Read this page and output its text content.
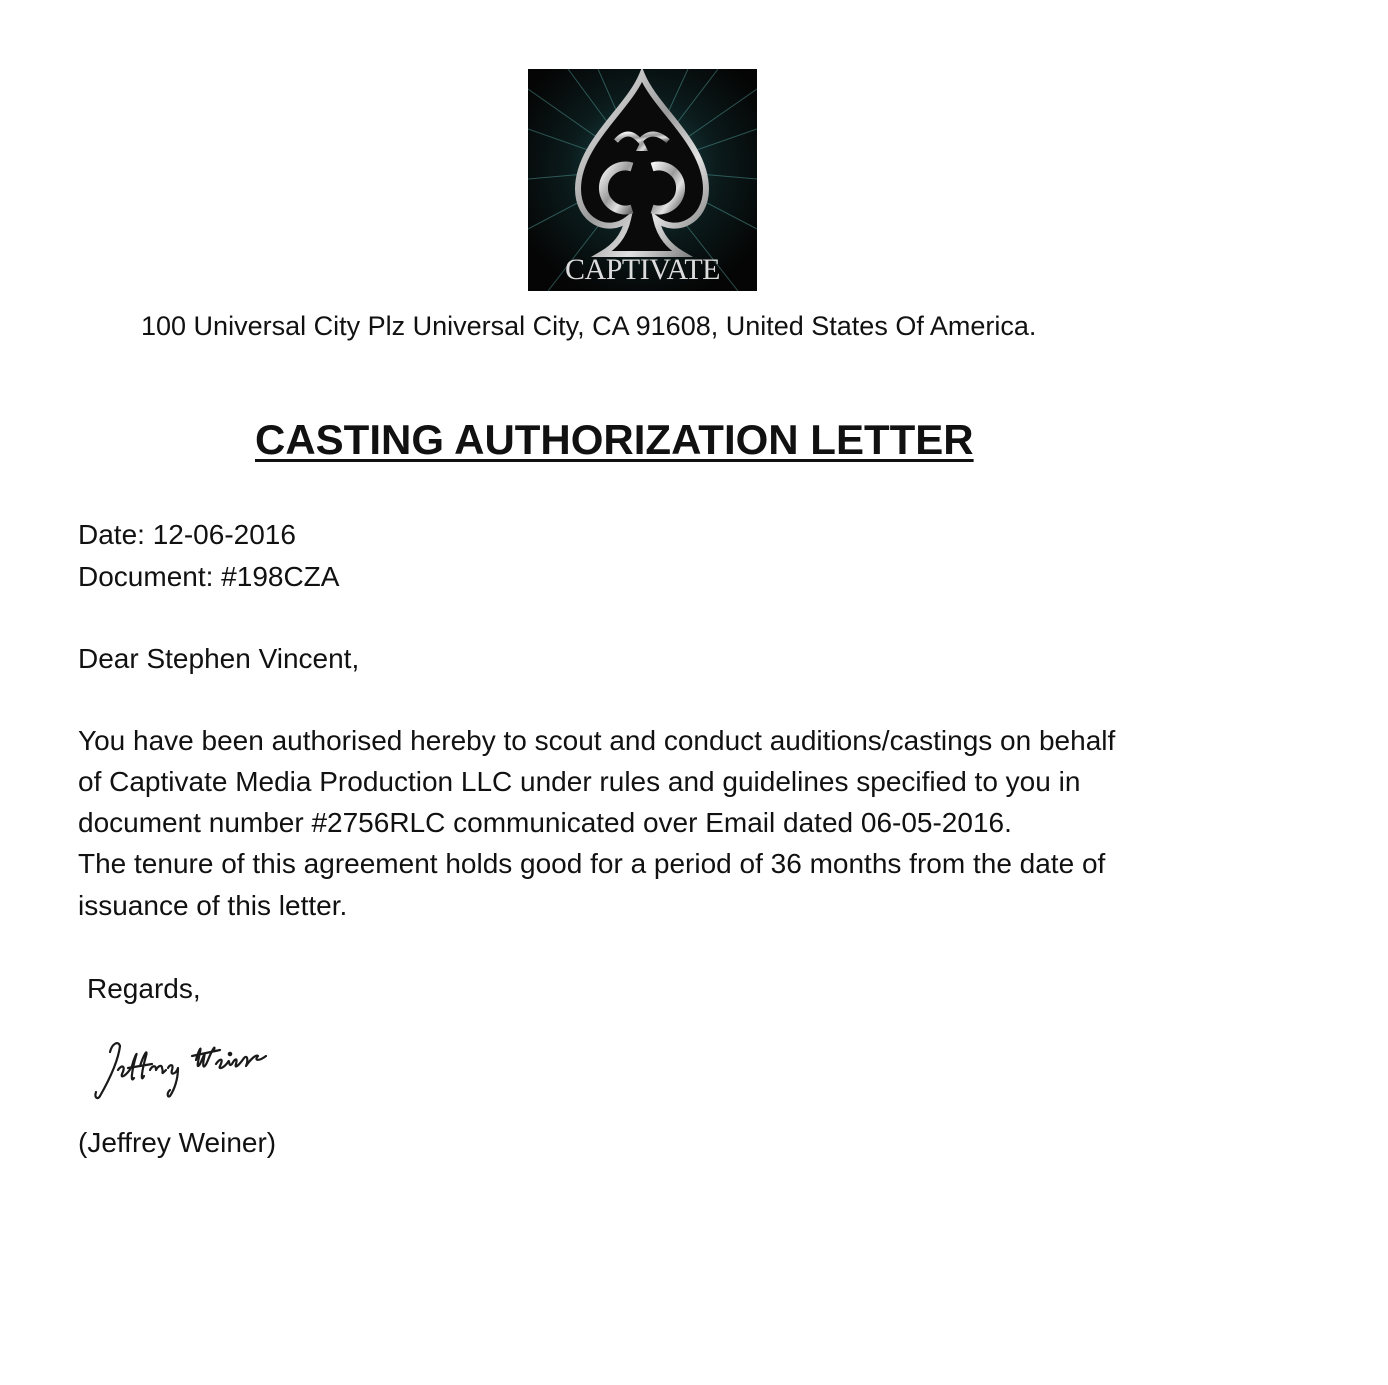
CAPTIVATE
100 Universal City Plz Universal City, CA 91608, United States Of America.
CASTING AUTHORIZATION LETTER
Date: 12-06-2016
Document: #198CZA
Dear Stephen Vincent,
You have been authorised hereby to scout and conduct auditions/castings on behalf
of Captivate Media Production LLC under rules and guidelines specified to you in
document number #2756RLC communicated over Email dated 06-05-2016.
The tenure of this agreement holds good for a period of 36 months from the date of
issuance of this letter.
Regards,
(Jeffrey Weiner)
